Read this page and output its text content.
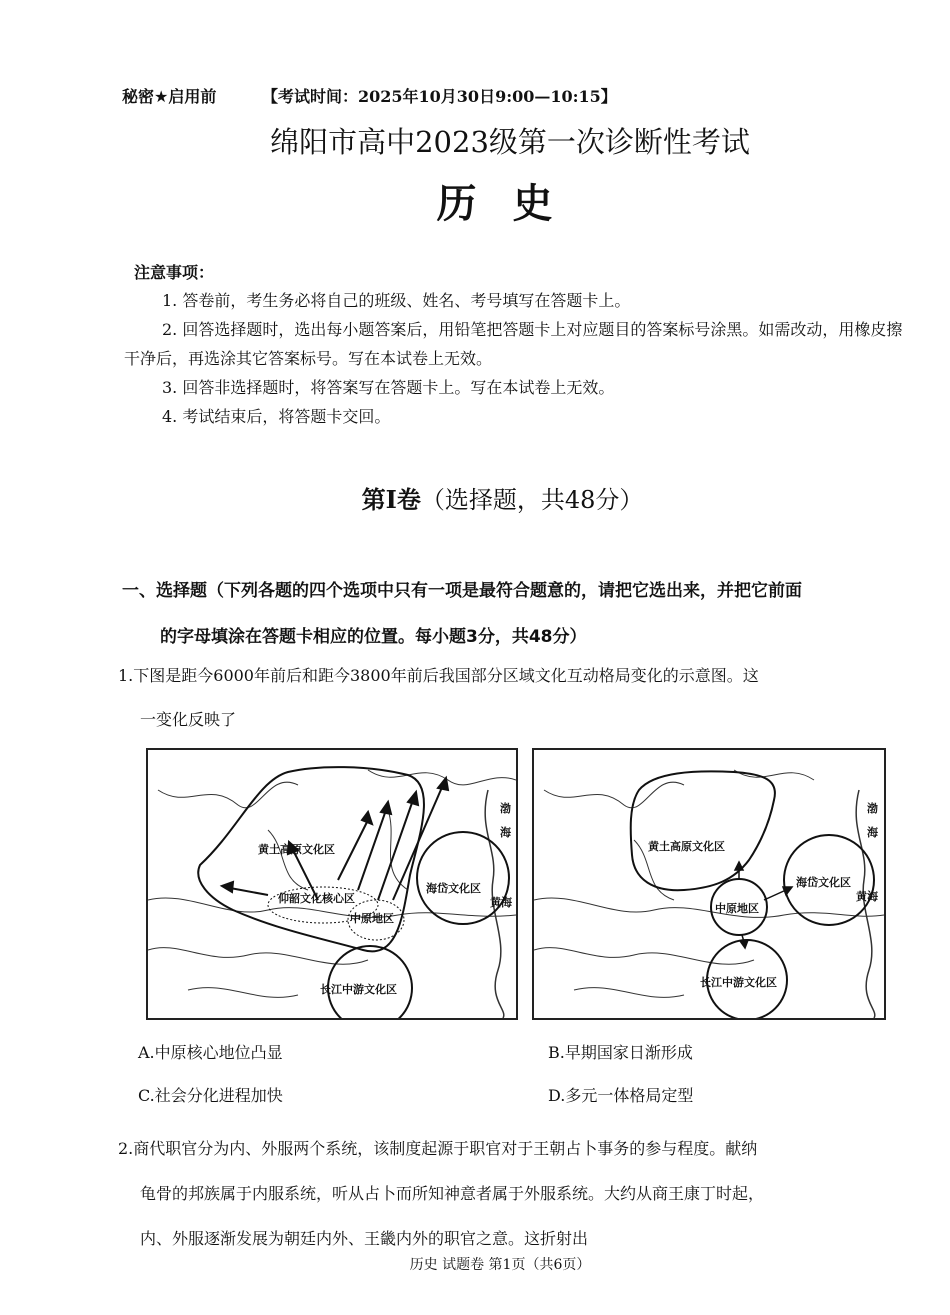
秘密★启用前	【考试时间：2025年10月30日9:00—10:15】
绵阳市高中2023级第一次诊断性考试
历史
注意事项：

1. 答卷前，考生务必将自己的班级、姓名、考号填写在答题卡上。

2. 回答选择题时，选出每小题答案后，用铅笔把答题卡上对应题目的答案标号涂黑。如需改动，用橡皮擦干净后，再选涂其它答案标号。写在本试卷上无效。

3. 回答非选择题时，将答案写在答题卡上。写在本试卷上无效。

4. 考试结束后，将答题卡交回。

第I卷（选择题，共48分）
一、选择题（下列各题的四个选项中只有一项是最符合题意的，请把它选出来，并把它前面
的字母填涂在答题卡相应的位置。每小题3分，共48分）
1.下图是距今6000年前后和距今3800年前后我国部分区域文化互动格局变化的示意图。这
一变化反映了
渤
海
黄土高原文化区
仰韶文化核心区
中原地区
海岱文化区
黄海
长江中游文化区
渤
海
黄土高原文化区
中原地区
海岱文化区
黄海
长江中游文化区
A.中原核心地位凸显	B.早期国家日渐形成
C.社会分化进程加快	D.多元一体格局定型
2.商代职官分为内、外服两个系统，该制度起源于职官对于王朝占卜事务的参与程度。献纳
龟骨的邦族属于内服系统，听从占卜而所知神意者属于外服系统。大约从商王康丁时起，
内、外服逐渐发展为朝廷内外、王畿内外的职官之意。这折射出
历史 试题卷 第1页（共6页）
